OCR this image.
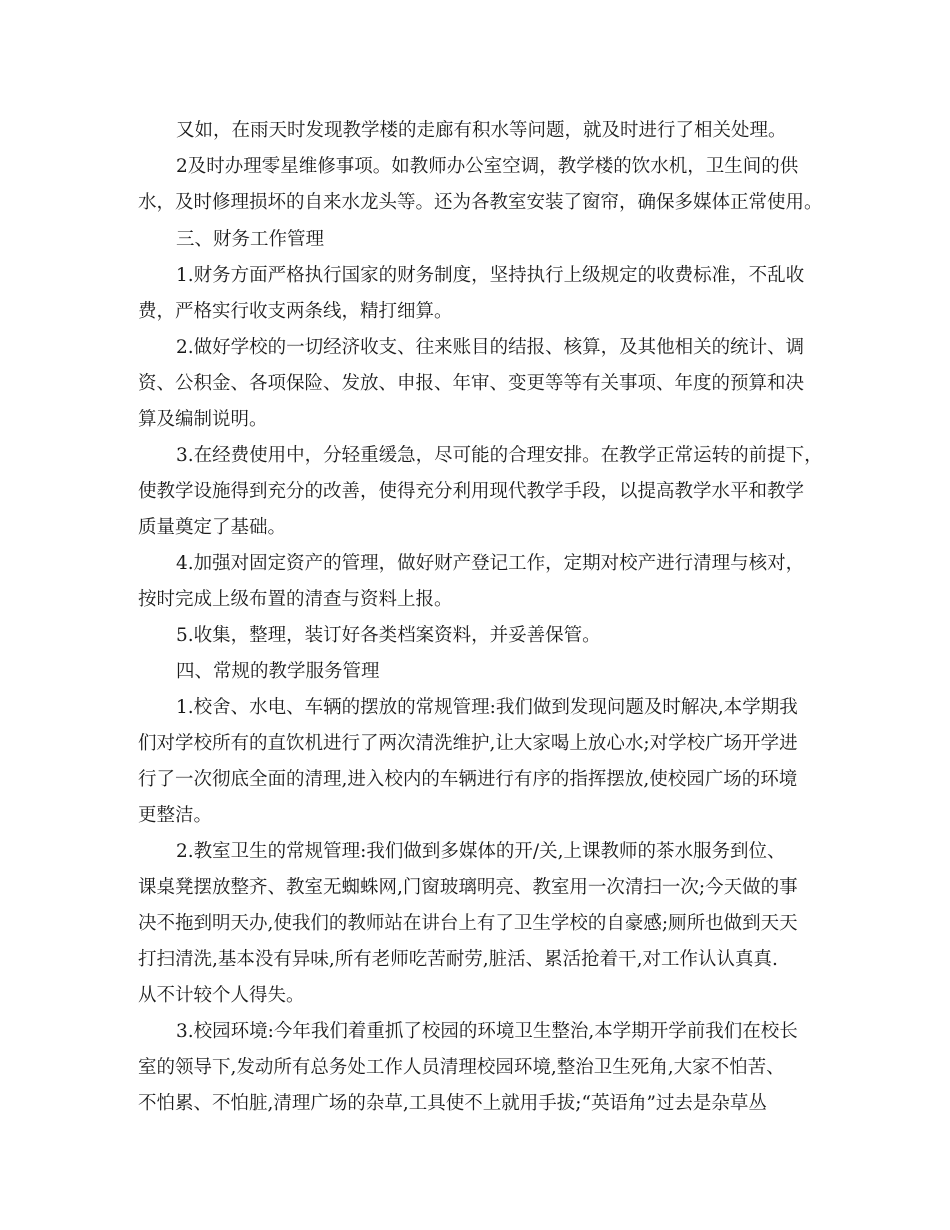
又如，在雨天时发现教学楼的走廊有积水等问题，就及时进行了相关处理。

2及时办理零星维修事项。如教师办公室空调，教学楼的饮水机，卫生间的供

水，及时修理损坏的自来水龙头等。还为各教室安装了窗帘，确保多媒体正常使用。

三、财务工作管理

1.财务方面严格执行国家的财务制度，坚持执行上级规定的收费标准，不乱收

费，严格实行收支两条线，精打细算。

2.做好学校的一切经济收支、往来账目的结报、核算，及其他相关的统计、调

资、公积金、各项保险、发放、申报、年审、变更等等有关事项、年度的预算和决

算及编制说明。

3.在经费使用中，分轻重缓急，尽可能的合理安排。在教学正常运转的前提下，

使教学设施得到充分的改善，使得充分利用现代教学手段，以提高教学水平和教学

质量奠定了基础。

4.加强对固定资产的管理，做好财产登记工作，定期对校产进行清理与核对，

按时完成上级布置的清查与资料上报。

5.收集，整理，装订好各类档案资料，并妥善保管。

四、常规的教学服务管理

1.校舍、水电、车辆的摆放的常规管理:我们做到发现问题及时解决,本学期我

们对学校所有的直饮机进行了两次清洗维护,让大家喝上放心水;对学校广场开学进

行了一次彻底全面的清理,进入校内的车辆进行有序的指挥摆放,使校园广场的环境

更整洁。

2.教室卫生的常规管理:我们做到多媒体的开/关,上课教师的茶水服务到位、

课桌凳摆放整齐、教室无蜘蛛网,门窗玻璃明亮、教室用一次清扫一次;今天做的事

决不拖到明天办,使我们的教师站在讲台上有了卫生学校的自豪感;厕所也做到天天

打扫清洗,基本没有异味,所有老师吃苦耐劳,脏活、累活抢着干,对工作认认真真.

从不计较个人得失。

3.校园环境:今年我们着重抓了校园的环境卫生整治,本学期开学前我们在校长

室的领导下,发动所有总务处工作人员清理校园环境,整治卫生死角,大家不怕苦、

不怕累、不怕脏,清理广场的杂草,工具使不上就用手拔;“英语角”过去是杂草丛
